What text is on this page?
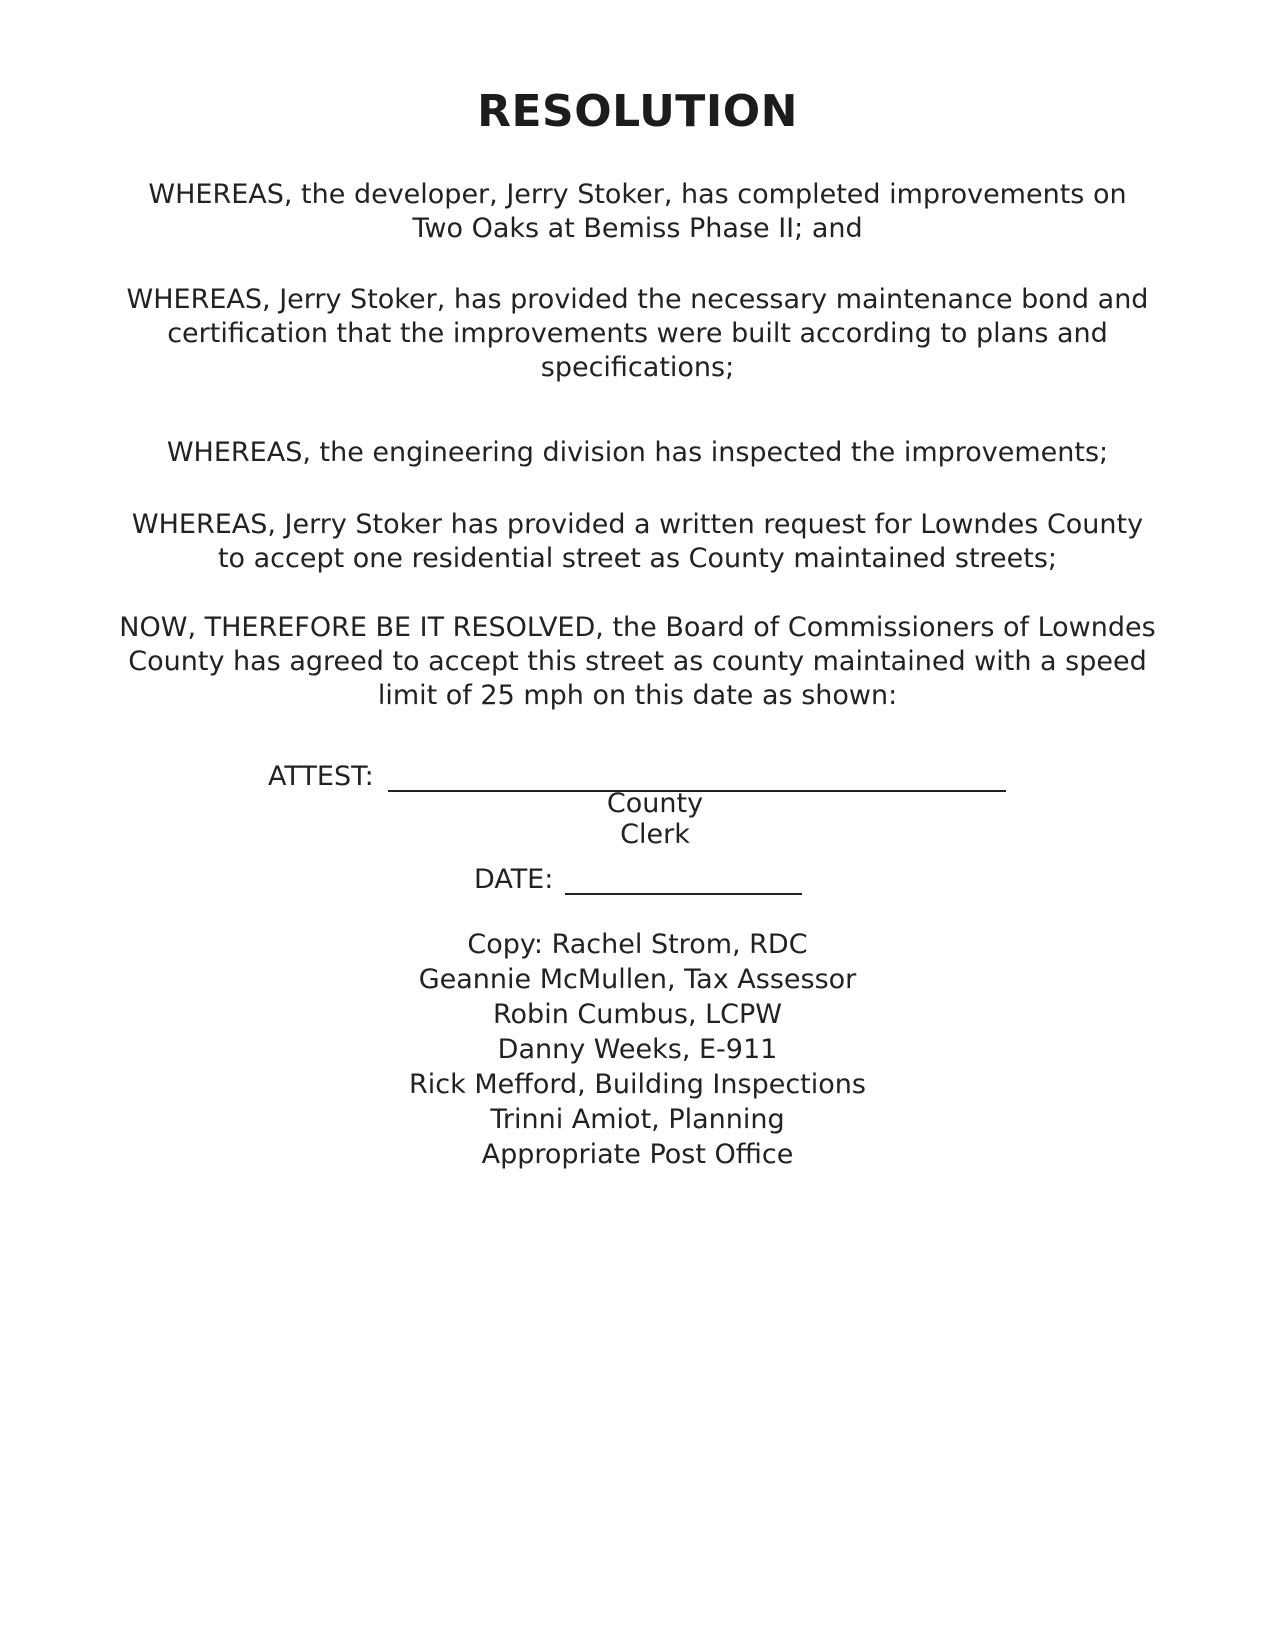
RESOLUTION

WHEREAS, the developer, Jerry Stoker, has completed improvements on Two Oaks at Bemiss Phase II; and

WHEREAS, Jerry Stoker, has provided the necessary maintenance bond and certification that the improvements were built according to plans and specifications;

WHEREAS, the engineering division has inspected the improvements;

WHEREAS, Jerry Stoker has provided a written request for Lowndes County to accept one residential street as County maintained streets;

NOW, THEREFORE BE IT RESOLVED, the Board of Commissioners of Lowndes County has agreed to accept this street as county maintained with a speed limit of 25 mph on this date as shown:

ATTEST:
County Clerk
DATE:
Copy: Rachel Strom, RDC
Geannie McMullen, Tax Assessor
Robin Cumbus, LCPW
Danny Weeks, E-911
Rick Mefford, Building Inspections
Trinni Amiot, Planning
Appropriate Post Office
